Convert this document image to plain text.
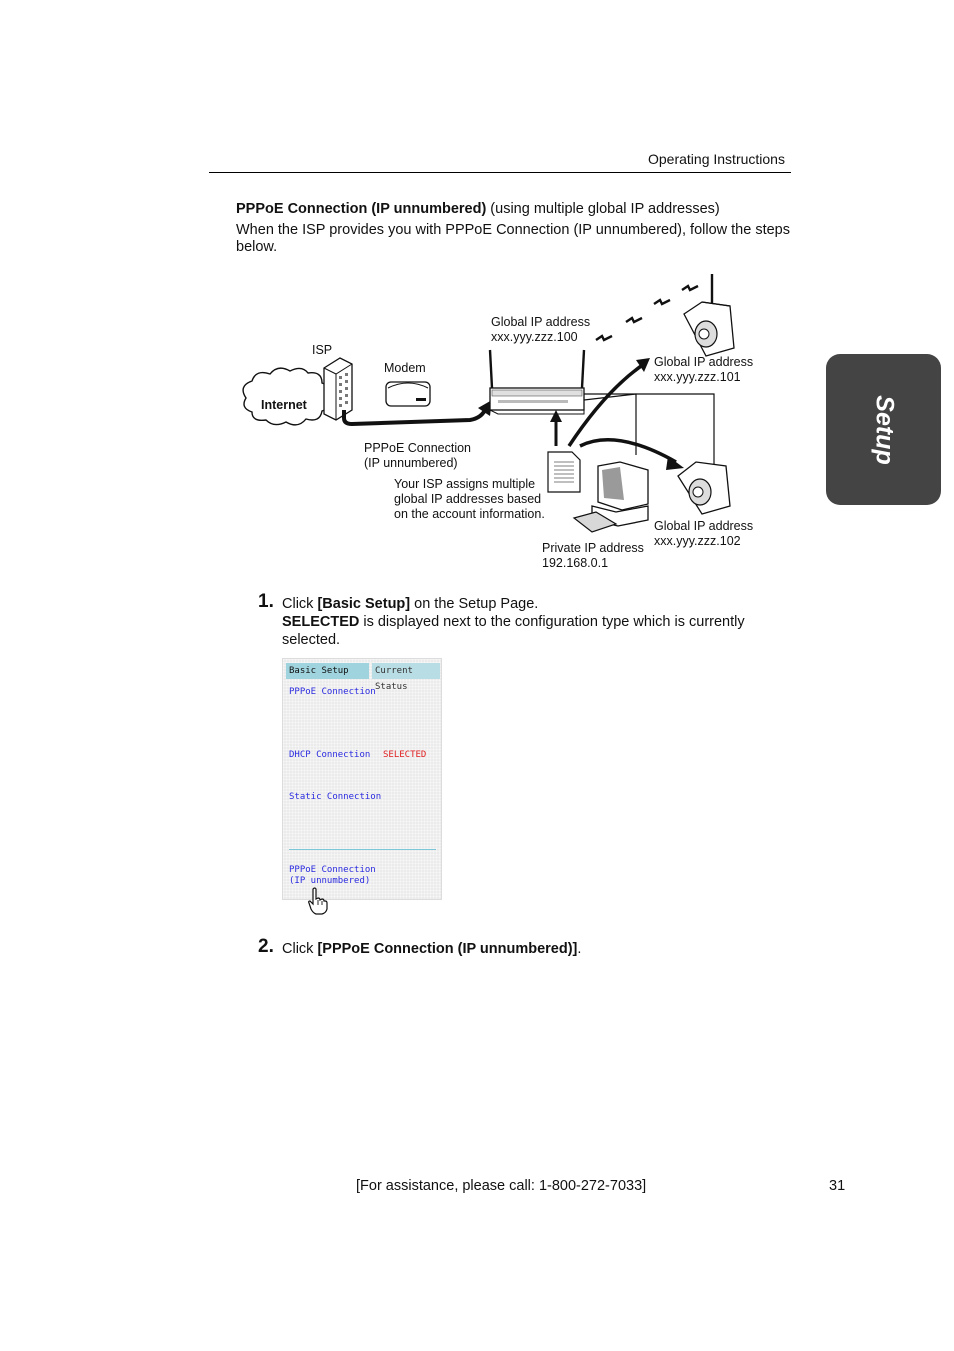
Operating Instructions
PPPoE Connection (IP unnumbered) (using multiple global IP addresses)
When the ISP provides you with PPPoE Connection (IP unnumbered), follow the steps below.
ISP
Internet
Modem
Global IP address
xxx.yyy.zzz.100
Global IP address
xxx.yyy.zzz.101
PPPoE Connection
(IP unnumbered)
Your ISP assigns multiple
global IP addresses based
on the account information.
Global IP address
xxx.yyy.zzz.102
Private IP address
192.168.0.1
1. Click [Basic Setup] on the Setup Page.
SELECTED is displayed next to the configuration type which is currently selected.
Basic Setup	Current Status
PPPoE Connection
DHCP Connection SELECTED
Static Connection
PPPoE Connection
(IP unnumbered)
2. Click [PPPoE Connection (IP unnumbered)].
Setup
[For assistance, please call: 1-800-272-7033]	31
